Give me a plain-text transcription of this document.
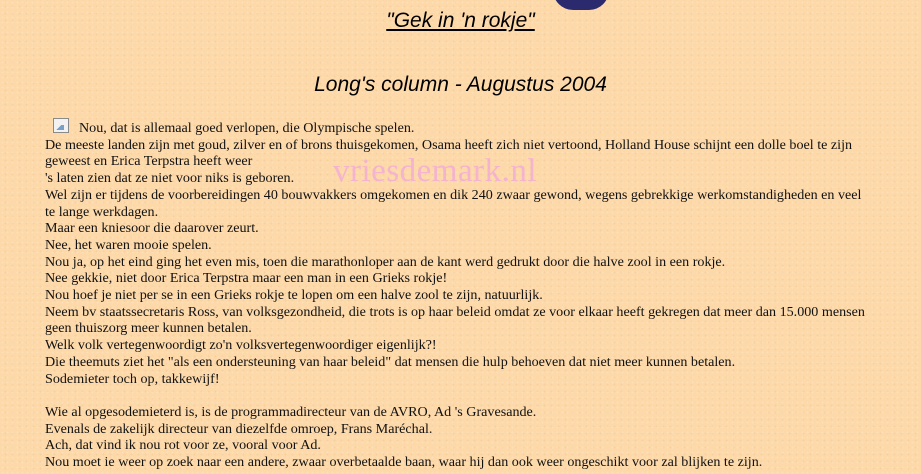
"Gek in 'n rokje"
Long's column - Augustus 2004
Nou, dat is allemaal goed verlopen, die Olympische spelen.
De meeste landen zijn met goud, zilver en of brons thuisgekomen, Osama heeft zich niet vertoond, Holland House schijnt een dolle boel te zijn geweest en Erica Terpstra heeft weer
's laten zien dat ze niet voor niks is geboren.
Wel zijn er tijdens de voorbereidingen 40 bouwvakkers omgekomen en dik 240 zwaar gewond, wegens gebrekkige werkomstandigheden en veel te lange werkdagen.
Maar een kniesoor die daarover zeurt.
Nee, het waren mooie spelen.
Nou ja, op het eind ging het even mis, toen die marathonloper aan de kant werd gedrukt door die halve zool in een rokje.
Nee gekkie, niet door Erica Terpstra maar een man in een Grieks rokje!
Nou hoef je niet per se in een Grieks rokje te lopen om een halve zool te zijn, natuurlijk.
Neem bv staatssecretaris Ross, van volksgezondheid, die trots is op haar beleid omdat ze voor elkaar heeft gekregen dat meer dan 15.000 mensen geen thuiszorg meer kunnen betalen.
Welk volk vertegenwoordigt zo'n volksvertegenwoordiger eigenlijk?!
Die theemuts ziet het "als een ondersteuning van haar beleid" dat mensen die hulp behoeven dat niet meer kunnen betalen.
Sodemieter toch op, takkewijf!
Wie al opgesodemieterd is, is de programmadirecteur van de AVRO, Ad 's Gravesande.
Evenals de zakelijk directeur van diezelfde omroep, Frans Maréchal.
Ach, dat vind ik nou rot voor ze, vooral voor Ad.
Nou moet ie weer op zoek naar een andere, zwaar overbetaalde baan, waar hij dan ook weer ongeschikt voor zal blijken te zijn.
vriesdemark.nl
